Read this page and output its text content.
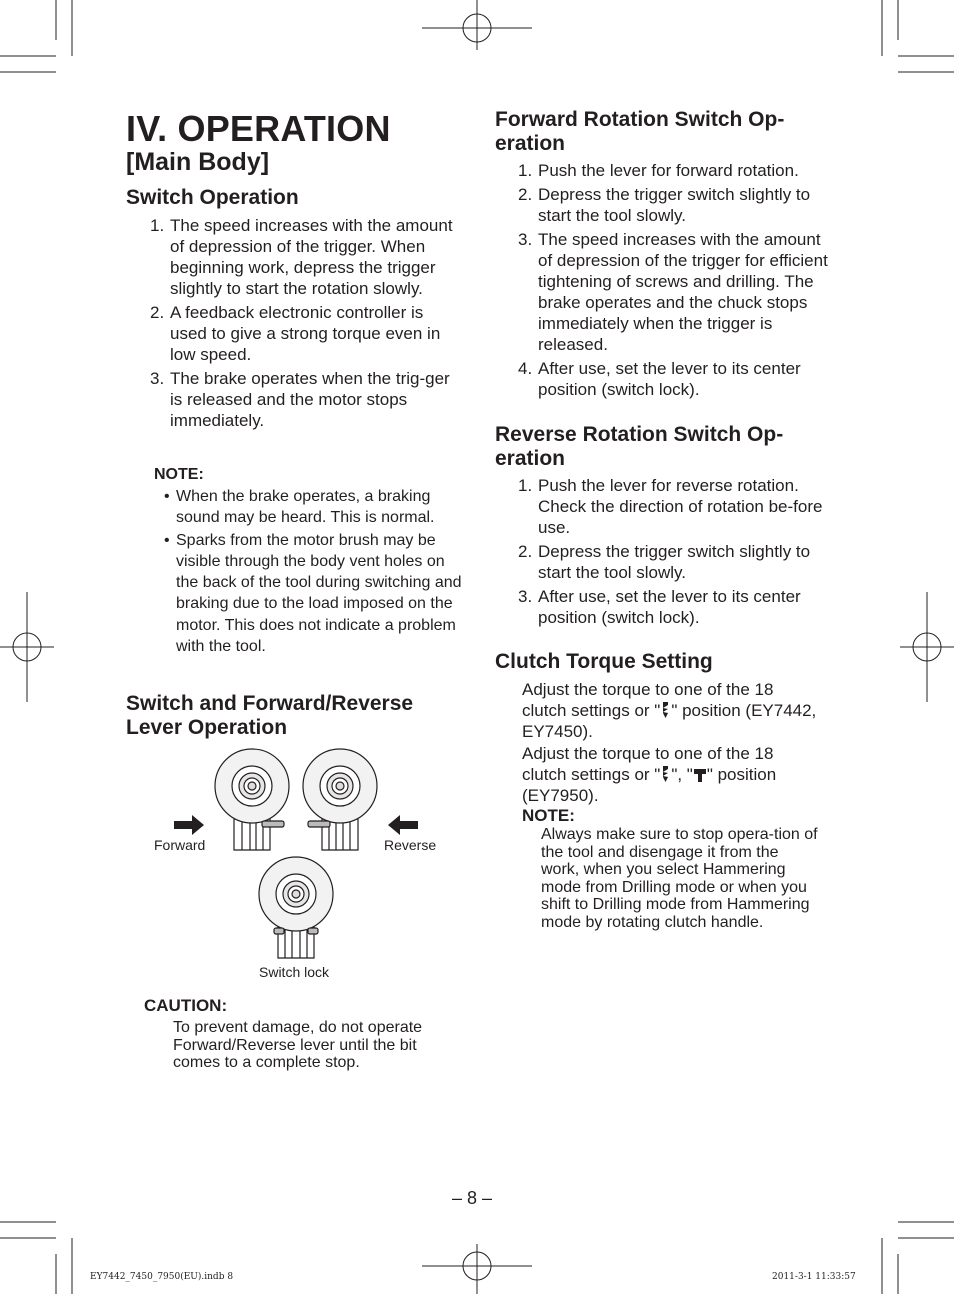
IV. OPERATION
[Main Body]
Switch Operation
1. The speed increases with the amount of depression of the trigger. When beginning work, depress the trigger slightly to start the rotation slowly.
2. A feedback electronic controller is used to give a strong torque even in low speed.
3. The brake operates when the trig-ger is released and the motor stops immediately.
NOTE:
• When the brake operates, a braking sound may be heard. This is normal.
• Sparks from the motor brush may be visible through the body vent holes on the back of the tool during switching and braking due to the load imposed on the motor. This does not indicate a problem with the tool.
Switch and Forward/Reverse
Lever Operation
Forward	Reverse
Switch lock
CAUTION:
To prevent damage, do not operate Forward/Reverse lever until the bit comes to a complete stop.
Forward Rotation Switch Op-
eration
1. Push the lever for forward rotation.
2. Depress the trigger switch slightly to start the tool slowly.
3. The speed increases with the amount of depression of the trigger for efficient tightening of screws and drilling. The brake operates and the chuck stops immediately when the trigger is released.
4. After use, set the lever to its center position (switch lock).
Reverse Rotation Switch Op-
eration
1. Push the lever for reverse rotation. Check the direction of rotation be-fore use.
2. Depress the trigger switch slightly to start the tool slowly.
3. After use, set the lever to its center position (switch lock).
Clutch Torque Setting
Adjust the torque to one of the 18 clutch settings or " " position (EY7442, EY7450).
Adjust the torque to one of the 18 clutch settings or " ", " " position (EY7950).
NOTE:
Always make sure to stop opera-tion of the tool and disengage it from the work, when you select Hammering mode from Drilling mode or when you shift to Drilling mode from Hammering mode by rotating clutch handle.
– 8 –
EY7442_7450_7950(EU).indb 8	2011-3-1 11:33:57
